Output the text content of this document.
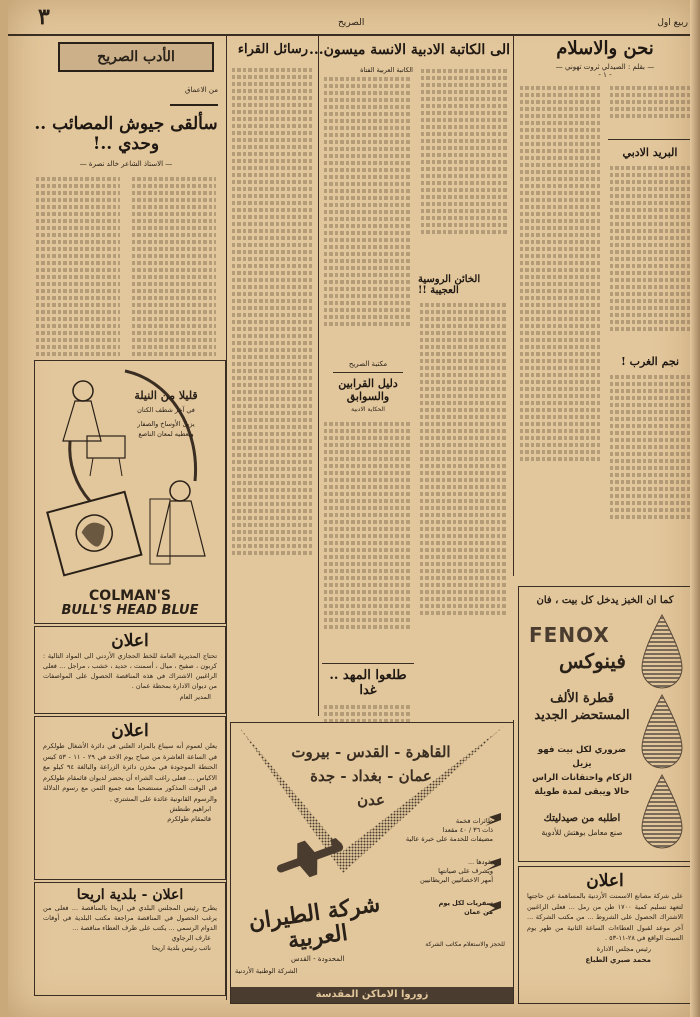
٣	الصريح	ربيع اول
الأدب الصريح
من الاعماق
سألقى جيوش المصائب .. وحدي ..!
— الاستاذ الشاعر خالد نصرة —
قليلا من النيلة
في آخر شطف الكتان
يزيل الأوساخ والصفار
ويعطيه لمعان الناصع
COLMAN'S
BULL'S HEAD BLUE
اعلان
تحتاج المديرية العامة للخط الحجازي الأردني الى المواد التالية : كربون ، صفيح ، ميال ، أسمنت ، حديد ، خشب ، مراجل ... فعلى الراغبين الاشتراك في هذه المناقصة الحصول على المواصفات من ديوان الادارة بمحطة عمان .
المدير العام
اعلان
يعلن لعموم أنه سيباع بالمزاد العلني في دائرة الأشغال طولكرم في الساعة العاشرة من صباح يوم الاحد في ٢٩ - ١١ - ٥٣ كيس الحنطة الموجودة في مخزن دائرة الزراعة والبالغة ٩٤ كيلو مع الاكياس ... فعلى راغب الشراء أن يحضر لديوان قائمقام طولكرم في الوقت المذكور مستصحبا معه جميع الثمن مع رسوم الدلالة والرسوم القانونية عائدة على المشتري .
ابراهيم طنطش
قائمقام طولكرم
اعلان - بلدية اريحا
يطرح رئيس المجلس البلدي في اريحا بالمناقصة ... فعلى من يرغب الحصول في المناقصة مراجعة مكتب البلدية في أوقات الدوام الرسمي ... يكتب على ظرف العطاء مناقصة ...
عارف الرجاوي
نائب رئيس بلدية اريحا
رسائل القراء الى الكاتبة الادبية الانسة ميسون...
الكاتبة العربية الفتاة
الخائن الروسية العجيبة !!
مكتبة الصريح
دليل القرابين والسوابق
الحكاية الادبية
طلعوا المهد .. غدا
نحن والاسلام
— بقلم : الصيدلي ثروت تهوني —
- ١ -
البريد الادبي
نجم الغرب !
كما ان الخبز يدخل كل بيت ، فان
FENOX
فينوكس
قطرة الألف
المستحضر الجديد
ضروري لكل بيت فهو يزيل
الزكام واحتقانات الراس
حالا ويبقى لمدة طويلة
اطلبه من صيدليتك
صنع معامل بوهتش للأدوية
اعلان
على شركة مصانع الاسمنت الأردنية بالمساهمة عن حاجتها لتعهد تسليم كمية ١٧٠٠ طن من رمل ... فعلى الراغبين الاشتراك الحصول على الشروط ... من مكتب الشركة ... آخر موعد لقبول العطاءات الساعة الثانية من ظهر يوم السبت الواقع في ٢٨-١١-٥٣ .
رئيس مجلس الادارة
محمد صبري الطباع
القاهرة - القدس - بيروت
عمان - بغداد - جدة
عدن
طائرات فخمة
ذات ٣٦ / ٤٠ مقعدا
مضيفات للخدمة على خبرة عالية
يقودها ...
ويشرف على صيانتها
أمهر الاخصائيين البريطانيين
سفريات لكل يوم
من عمان
شركة الطيران العربية
المحدودة - القدس
الشركة الوطنية الأردنية
للحجز والاستعلام مكاتب الشركة
زوروا الاماكن المقدسة
